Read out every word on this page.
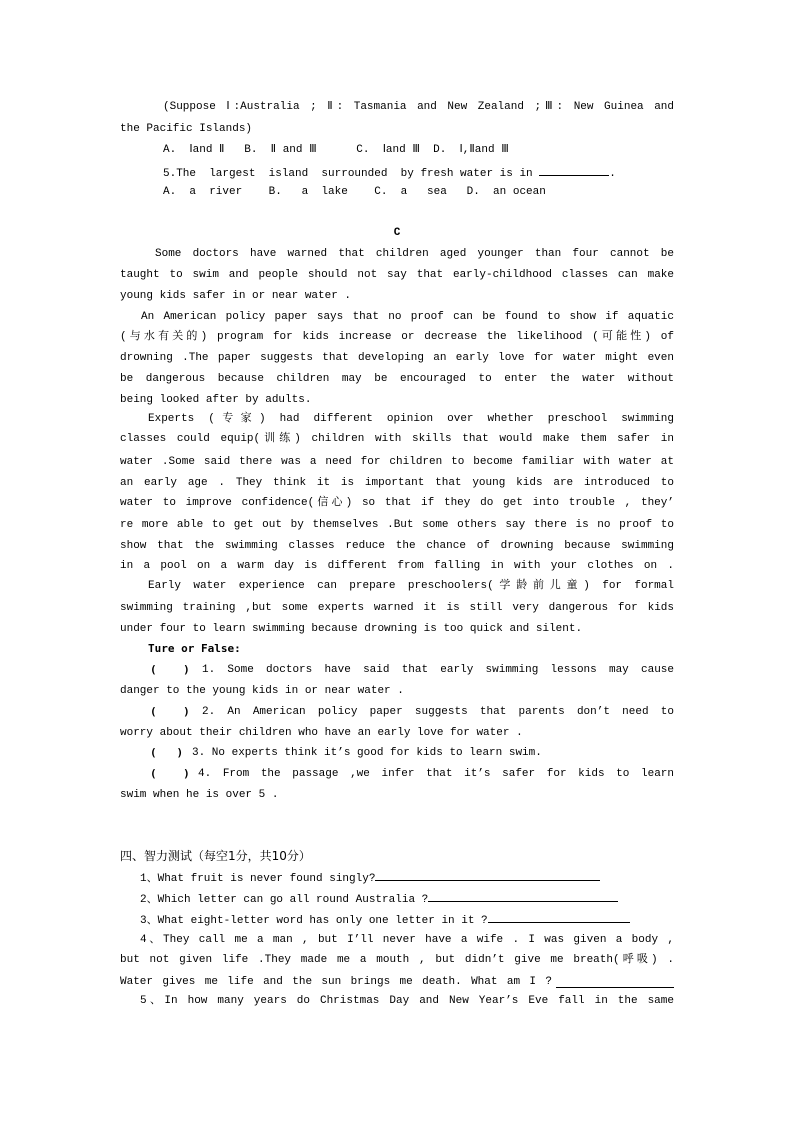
(Suppose Ⅰ:Australia ; Ⅱ: Tasmania and New Zealand ;Ⅲ: New Guinea and
the Pacific Islands)
A.  Ⅰand Ⅱ   B.  Ⅱ and Ⅲ      C.  Ⅰand Ⅲ  D.  Ⅰ,Ⅱand Ⅲ
5.The  largest  island  surrounded  by fresh water is in	.
A.  a  river    B.   a  lake    C.  a   sea   D.  an ocean
C
Some doctors have warned that children aged younger than four cannot be
taught to swim and people should not say that early-childhood classes can make
young kids safer in or near water .
An American policy paper says that no proof can be found to show if aquatic
(与水有关的) program for kids increase or decrease the likelihood (可能性) of
drowning .The paper suggests that developing an early love for water might even
be dangerous because children may be encouraged to enter the water without
being looked after by adults.
Experts (专家) had different opinion over whether preschool swimming
classes could equip(训练) children with skills that would make them safer in
water .Some said there was a need for children to become familiar with water at
an early age . They think it is important that young kids are introduced to
water to improve confidence(信心) so that if they do get into trouble , they’
re more able to get out by themselves .But some others say there is no proof to
show that the swimming classes reduce the chance of drowning because swimming
in a pool on a warm day is different from falling in with your clothes on .
Early water experience can prepare preschoolers(学龄前儿童) for formal
swimming training ,but some experts warned it is still very dangerous for kids
under four to learn swimming because drowning is too quick and silent.
Ture or False:
(    ) 1. Some doctors have said that early swimming lessons may cause
danger to the young kids in or near water .
(    ) 2. An American policy paper suggests that parents don’t need to
worry about their children who have an early love for water .
(   ) 3. No experts think it’s good for kids to learn swim.
(    ) 4. From the passage ,we infer that it’s safer for kids to learn
swim when he is over 5 .
四、智力测试（每空1分，共10分）
1、What fruit is never found singly?
2、Which letter can go all round Australia ?
3、What eight-letter word has only one letter in it ?
4、They call me a man , but I’ll never have a wife . I was given a body ,
but not given life .They made me a mouth , but didn’t give me breath(呼吸) .
Water gives me life and the sun brings me death. What am I ?
5、In how many years do Christmas Day and New Year’s Eve fall in the same
